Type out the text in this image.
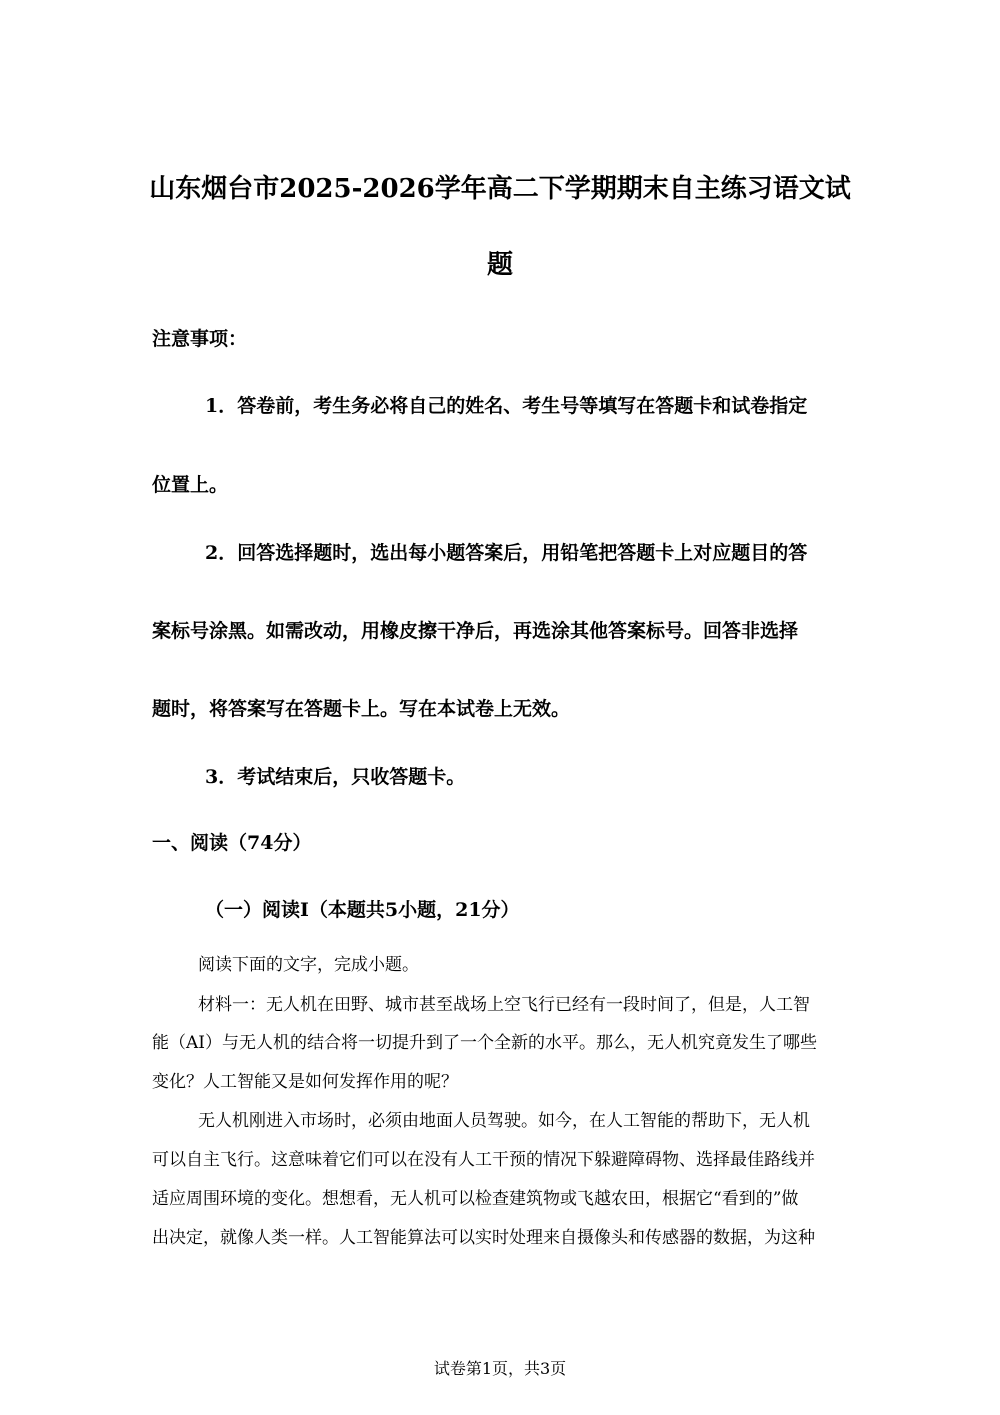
山东烟台市2025-2026学年高二下学期期末自主练习语文试
题
注意事项：
1．答卷前，考生务必将自己的姓名、考生号等填写在答题卡和试卷指定
位置上。
2．回答选择题时，选出每小题答案后，用铅笔把答题卡上对应题目的答
案标号涂黑。如需改动，用橡皮擦干净后，再选涂其他答案标号。回答非选择
题时，将答案写在答题卡上。写在本试卷上无效。
3．考试结束后，只收答题卡。
一、阅读（74分）
（一）阅读Ⅰ（本题共5小题，21分）
阅读下面的文字，完成小题。
材料一：无人机在田野、城市甚至战场上空飞行已经有一段时间了，但是，人工智
能（AI）与无人机的结合将一切提升到了一个全新的水平。那么，无人机究竟发生了哪些
变化？人工智能又是如何发挥作用的呢？
无人机刚进入市场时，必须由地面人员驾驶。如今，在人工智能的帮助下，无人机
可以自主飞行。这意味着它们可以在没有人工干预的情况下躲避障碍物、选择最佳路线并
适应周围环境的变化。想想看，无人机可以检查建筑物或飞越农田，根据它“看到的”做
出决定，就像人类一样。人工智能算法可以实时处理来自摄像头和传感器的数据，为这种
试卷第1页，共3页
